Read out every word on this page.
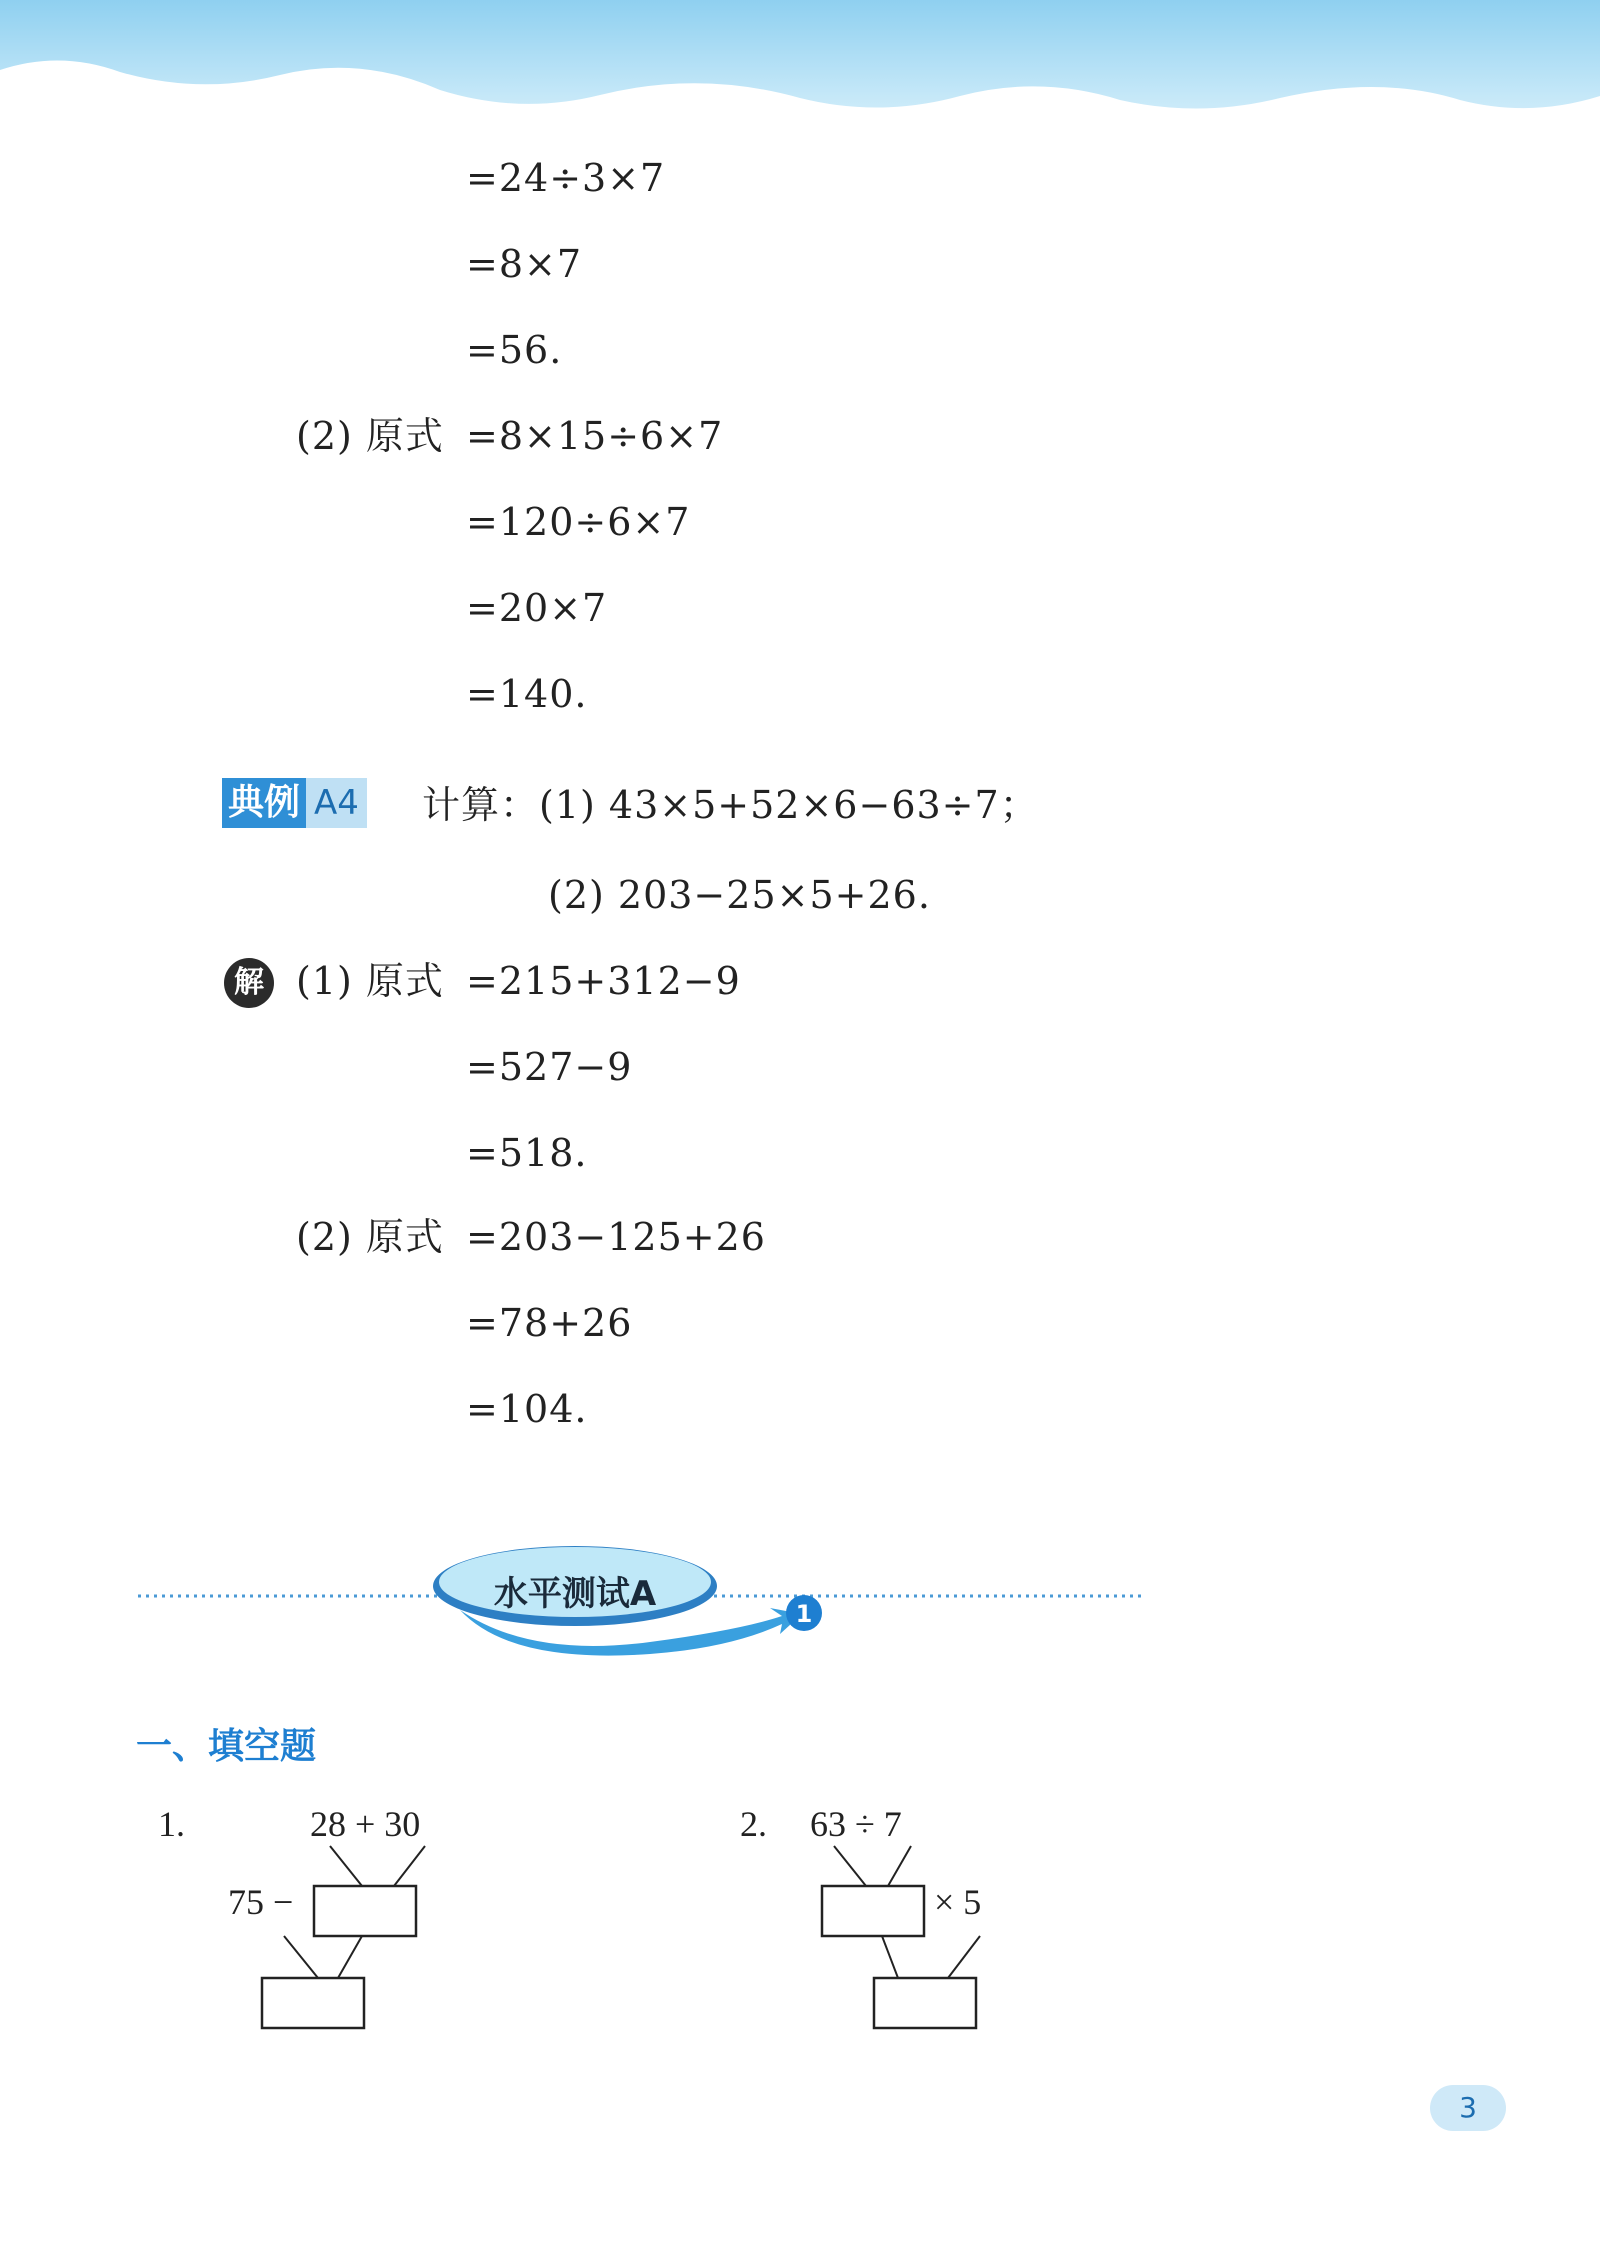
=24÷3×7
=8×7
=56.
(2) 原式 =8×15÷6×7
=120÷6×7
=20×7
=140.
典例 A4 计算：(1) 43×5+52×6−63÷7；
(2) 203−25×5+26.
解 (1) 原式 =215+312−9
=527−9
=518.
(2) 原式 =203−125+26
=78+26
=104.
水平测试A	1
一、填空题
1.	28 + 30
75 −
2. 63 ÷ 7
× 5
3
